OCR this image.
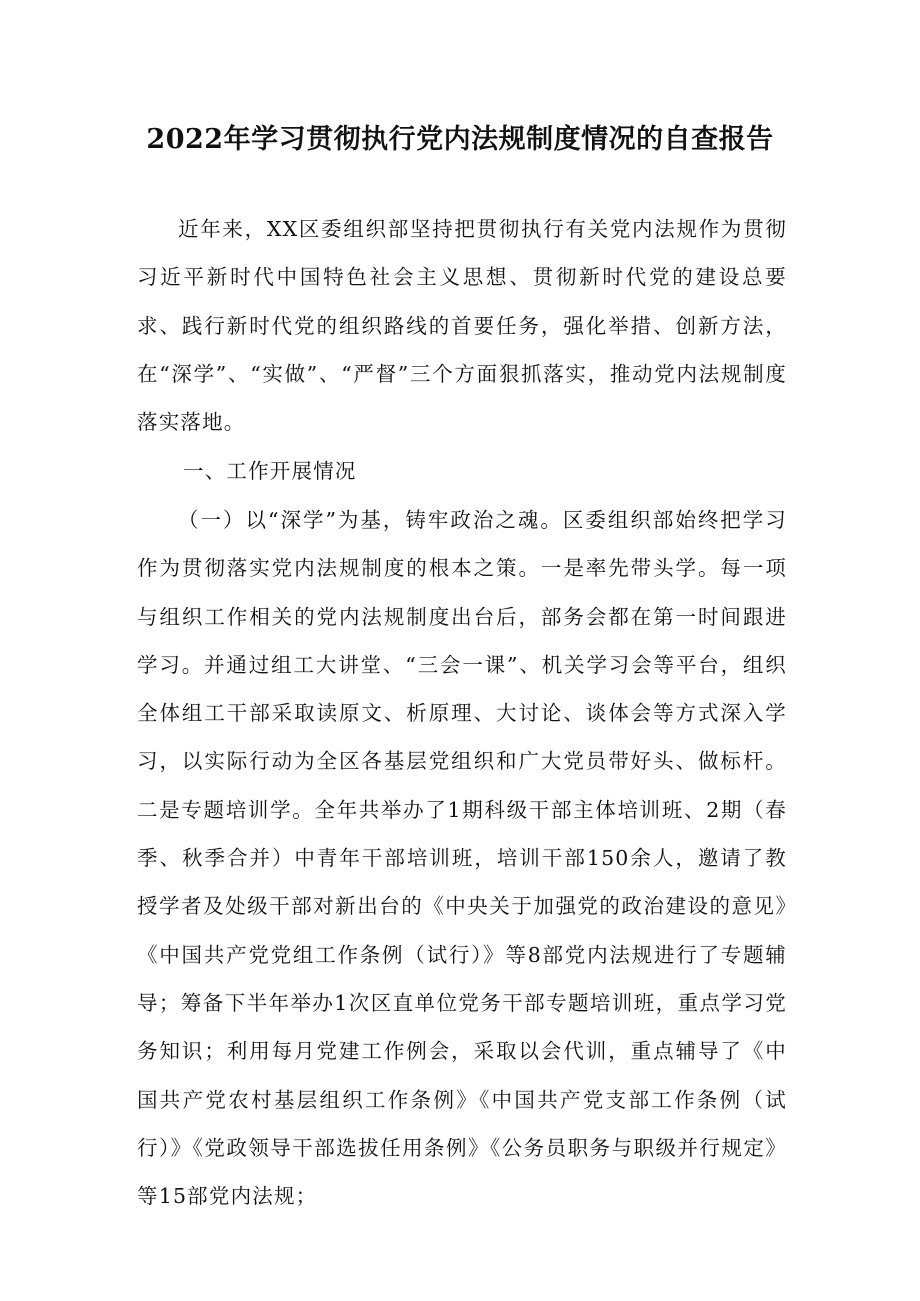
2022年学习贯彻执行党内法规制度情况的自查报告

近年来，XX区委组织部坚持把贯彻执行有关党内法规作为贯彻习近平新时代中国特色社会主义思想、贯彻新时代党的建设总要求、践行新时代党的组织路线的首要任务，强化举措、创新方法，在“深学”、“实做”、“严督”三个方面狠抓落实，推动党内法规制度落实落地。

一、工作开展情况

（一）以“深学”为基，铸牢政治之魂。区委组织部始终把学习作为贯彻落实党内法规制度的根本之策。一是率先带头学。每一项与组织工作相关的党内法规制度出台后，部务会都在第一时间跟进学习。并通过组工大讲堂、“三会一课”、机关学习会等平台，组织全体组工干部采取读原文、析原理、大讨论、谈体会等方式深入学习，以实际行动为全区各基层党组织和广大党员带好头、做标杆。二是专题培训学。全年共举办了1期科级干部主体培训班、2期（春季、秋季合并）中青年干部培训班，培训干部150余人，邀请了教授学者及处级干部对新出台的《中央关于加强党的政治建设的意见》《中国共产党党组工作条例（试行）》等8部党内法规进行了专题辅导；筹备下半年举办1次区直单位党务干部专题培训班，重点学习党务知识；利用每月党建工作例会，采取以会代训，重点辅导了《中国共产党农村基层组织工作条例》《中国共产党支部工作条例（试行）》《党政领导干部选拔任用条例》《公务员职务与职级并行规定》等15部党内法规；
